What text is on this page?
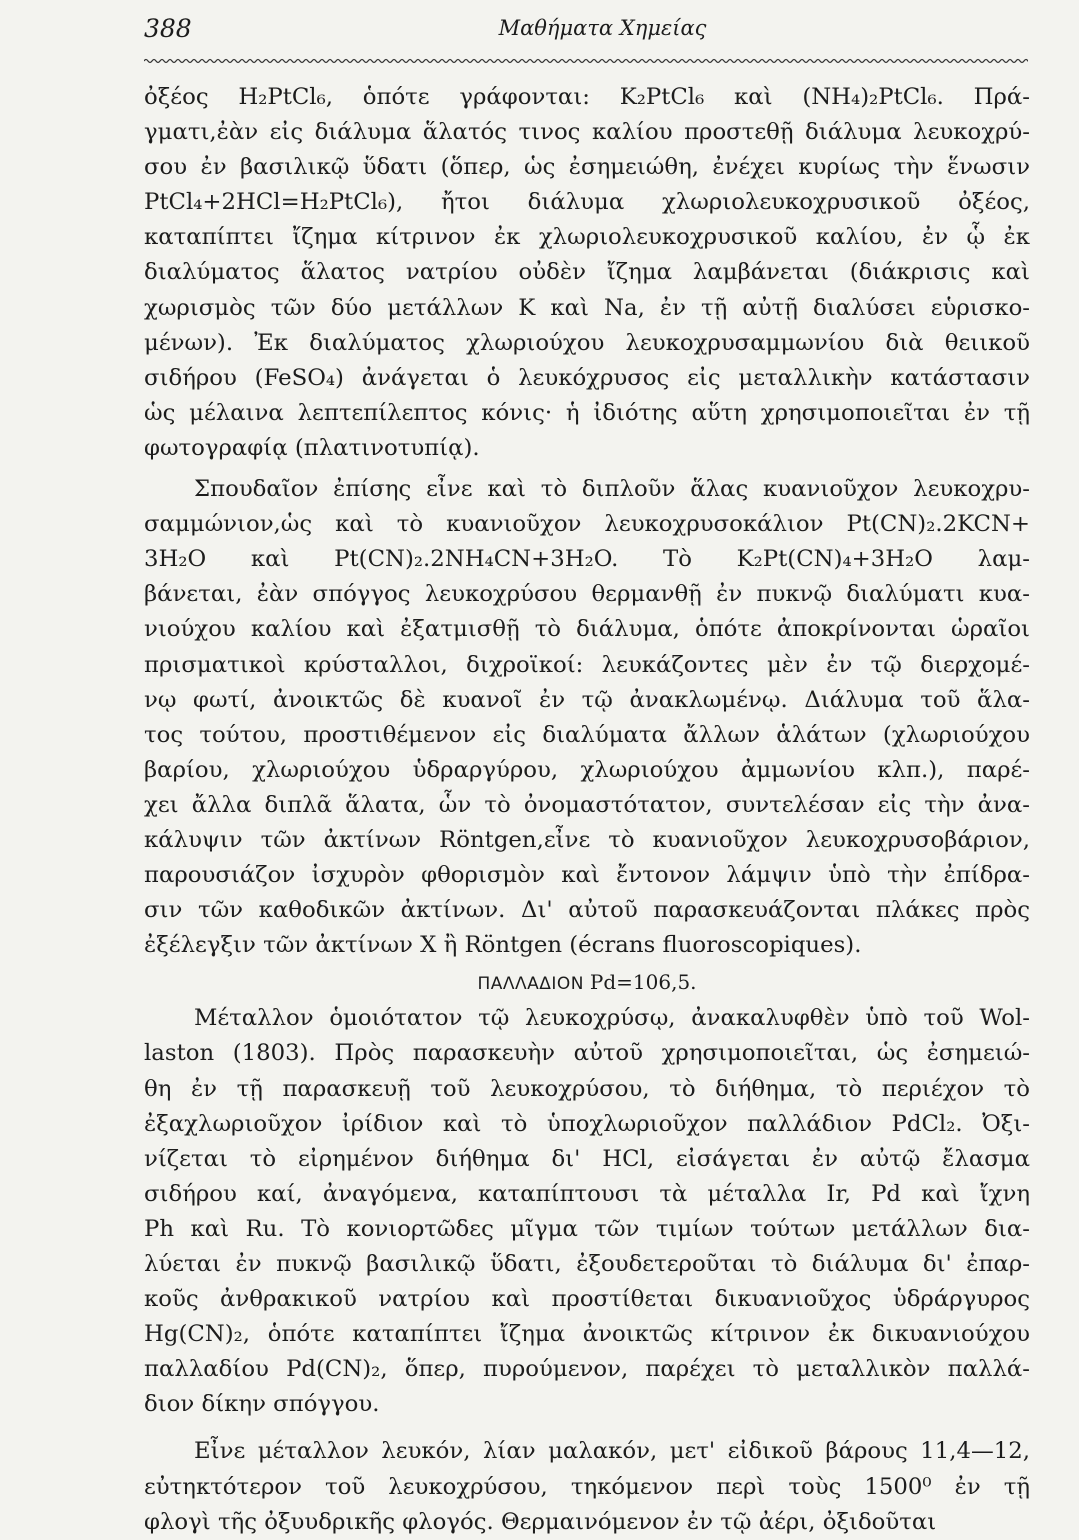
388	Μαθήματα Χημείας

ὀξέος H₂PtCl₆, ὁπότε γράφονται: K₂PtCl₆ καὶ (NH₄)₂PtCl₆. Πρά-

γματι,ἐὰν εἰς διάλυμα ἅλατός τινος καλίου προστεθῇ διάλυμα λευκοχρύ-

σου ἐν βασιλικῷ ὕδατι (ὅπερ, ὡς ἐσημειώθη, ἐνέχει κυρίως τὴν ἕνωσιν

PtCl₄+2HCl=H₂PtCl₆), ἤτοι διάλυμα χλωριολευκοχρυσικοῦ ὀξέος,

καταπίπτει ἴζημα κίτρινον ἐκ χλωριολευκοχρυσικοῦ καλίου, ἐν ᾧ ἐκ

διαλύματος ἅλατος νατρίου οὐδὲν ἴζημα λαμβάνεται (διάκρισις καὶ

χωρισμὸς τῶν δύο μετάλλων K καὶ Na, ἐν τῇ αὐτῇ διαλύσει εὑρισκο-

μένων). Ἐκ διαλύματος χλωριούχου λευκοχρυσαμμωνίου διὰ θειικοῦ

σιδήρου (FeSO₄) ἀνάγεται ὁ λευκόχρυσος εἰς μεταλλικὴν κατάστασιν

ὡς μέλαινα λεπτεπίλεπτος κόνις· ἡ ἰδιότης αὕτη χρησιμοποιεῖται ἐν τῇ

φωτογραφίᾳ (πλατινοτυπίᾳ).

Σπουδαῖον ἐπίσης εἶνε καὶ τὸ διπλοῦν ἅλας κυανιοῦχον λευκοχρυ-

σαμμώνιον,ὡς καὶ τὸ κυανιοῦχον λευκοχρυσοκάλιον Pt(CN)₂.2KCN+

3H₂O καὶ Pt(CN)₂.2NH₄CN+3H₂O. Τὸ K₂Pt(CN)₄+3H₂O λαμ-

βάνεται, ἐὰν σπόγγος λευκοχρύσου θερμανθῇ ἐν πυκνῷ διαλύματι κυα-

νιούχου καλίου καὶ ἐξατμισθῇ τὸ διάλυμα, ὁπότε ἀποκρίνονται ὡραῖοι

πρισματικοὶ κρύσταλλοι, διχροϊκοί: λευκάζοντες μὲν ἐν τῷ διερχομέ-

νῳ φωτί, ἀνοικτῶς δὲ κυανοῖ ἐν τῷ ἀνακλωμένῳ. Διάλυμα τοῦ ἅλα-

τος τούτου, προστιθέμενον εἰς διαλύματα ἄλλων ἁλάτων (χλωριούχου

βαρίου, χλωριούχου ὑδραργύρου, χλωριούχου ἀμμωνίου κλπ.), παρέ-

χει ἄλλα διπλᾶ ἅλατα, ὧν τὸ ὀνομαστότατον, συντελέσαν εἰς τὴν ἀνα-

κάλυψιν τῶν ἀκτίνων Röntgen,εἶνε τὸ κυανιοῦχον λευκοχρυσοβάριον,

παρουσιάζον ἰσχυρὸν φθορισμὸν καὶ ἔντονον λάμψιν ὑπὸ τὴν ἐπίδρα-

σιν τῶν καθοδικῶν ἀκτίνων. Δι' αὐτοῦ παρασκευάζονται πλάκες πρὸς

ἐξέλεγξιν τῶν ἀκτίνων X ἢ Röntgen (écrans fluoroscopiques).

ΠΑΛΛΑΔΙΟΝ Pd=106,5.

Μέταλλον ὁμοιότατον τῷ λευκοχρύσῳ, ἀνακαλυφθὲν ὑπὸ τοῦ Wol-

laston (1803). Πρὸς παρασκευὴν αὐτοῦ χρησιμοποιεῖται, ὡς ἐσημειώ-

θη ἐν τῇ παρασκευῇ τοῦ λευκοχρύσου, τὸ διήθημα, τὸ περιέχον τὸ

ἐξαχλωριοῦχον ἰρίδιον καὶ τὸ ὑποχλωριοῦχον παλλάδιον PdCl₂. Ὀξι-

νίζεται τὸ εἰρημένον διήθημα δι' HCl, εἰσάγεται ἐν αὐτῷ ἔλασμα

σιδήρου καί, ἀναγόμενα, καταπίπτουσι τὰ μέταλλα Ir, Pd καὶ ἴχνη

Ph καὶ Ru. Τὸ κονιορτῶδες μῖγμα τῶν τιμίων τούτων μετάλλων δια-

λύεται ἐν πυκνῷ βασιλικῷ ὕδατι, ἐξουδετεροῦται τὸ διάλυμα δι' ἐπαρ-

κοῦς ἀνθρακικοῦ νατρίου καὶ προστίθεται δικυανιοῦχος ὑδράργυρος

Hg(CN)₂, ὁπότε καταπίπτει ἴζημα ἀνοικτῶς κίτρινον ἐκ δικυανιούχου

παλλαδίου Pd(CN)₂, ὅπερ, πυρούμενον, παρέχει τὸ μεταλλικὸν παλλά-

διον δίκην σπόγγου.

Εἶνε μέταλλον λευκόν, λίαν μαλακόν, μετ' εἰδικοῦ βάρους 11,4—12,

εὐτηκτότερον τοῦ λευκοχρύσου, τηκόμενον περὶ τοὺς 1500⁰ ἐν τῇ

φλογὶ τῆς ὀξυυδρικῆς φλογός. Θερμαινόμενον ἐν τῷ ἀέρι, ὀξιδοῦται
